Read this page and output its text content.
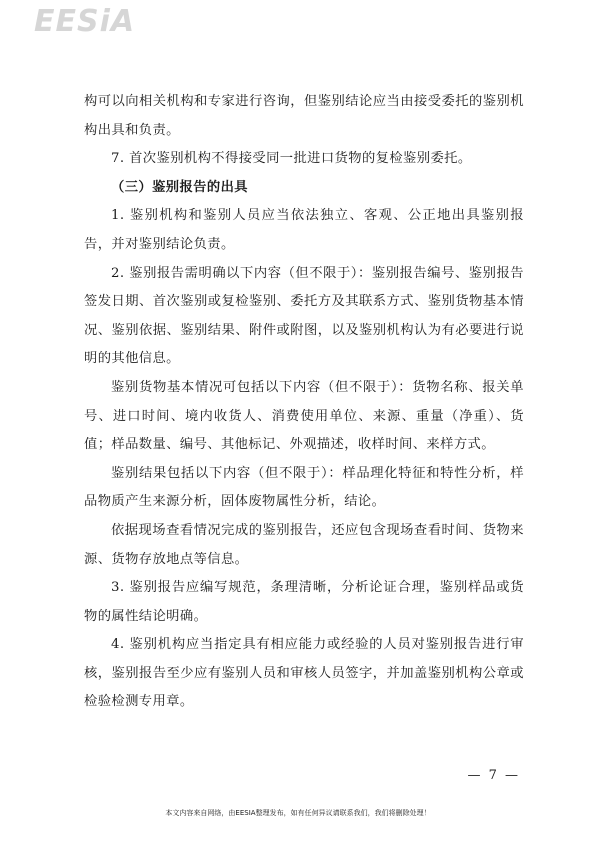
EESiA

构可以向相关机构和专家进行咨询，但鉴别结论应当由接受委托的鉴别机构出具和负责。

7. 首次鉴别机构不得接受同一批进口货物的复检鉴别委托。

（三）鉴别报告的出具

1. 鉴别机构和鉴别人员应当依法独立、客观、公正地出具鉴别报告，并对鉴别结论负责。

2. 鉴别报告需明确以下内容（但不限于）：鉴别报告编号、鉴别报告签发日期、首次鉴别或复检鉴别、委托方及其联系方式、鉴别货物基本情况、鉴别依据、鉴别结果、附件或附图，以及鉴别机构认为有必要进行说明的其他信息。

鉴别货物基本情况可包括以下内容（但不限于）：货物名称、报关单号、进口时间、境内收货人、消费使用单位、来源、重量（净重）、货值；样品数量、编号、其他标记、外观描述，收样时间、来样方式。

鉴别结果包括以下内容（但不限于）：样品理化特征和特性分析，样品物质产生来源分析，固体废物属性分析，结论。

依据现场查看情况完成的鉴别报告，还应包含现场查看时间、货物来源、货物存放地点等信息。

3. 鉴别报告应编写规范，条理清晰，分析论证合理，鉴别样品或货物的属性结论明确。

4. 鉴别机构应当指定具有相应能力或经验的人员对鉴别报告进行审核，鉴别报告至少应有鉴别人员和审核人员签字，并加盖鉴别机构公章或检验检测专用章。

— 7 —
本文内容来自网络，由EESIA整理发布，如有任何异议请联系我们，我们将删除处理！
